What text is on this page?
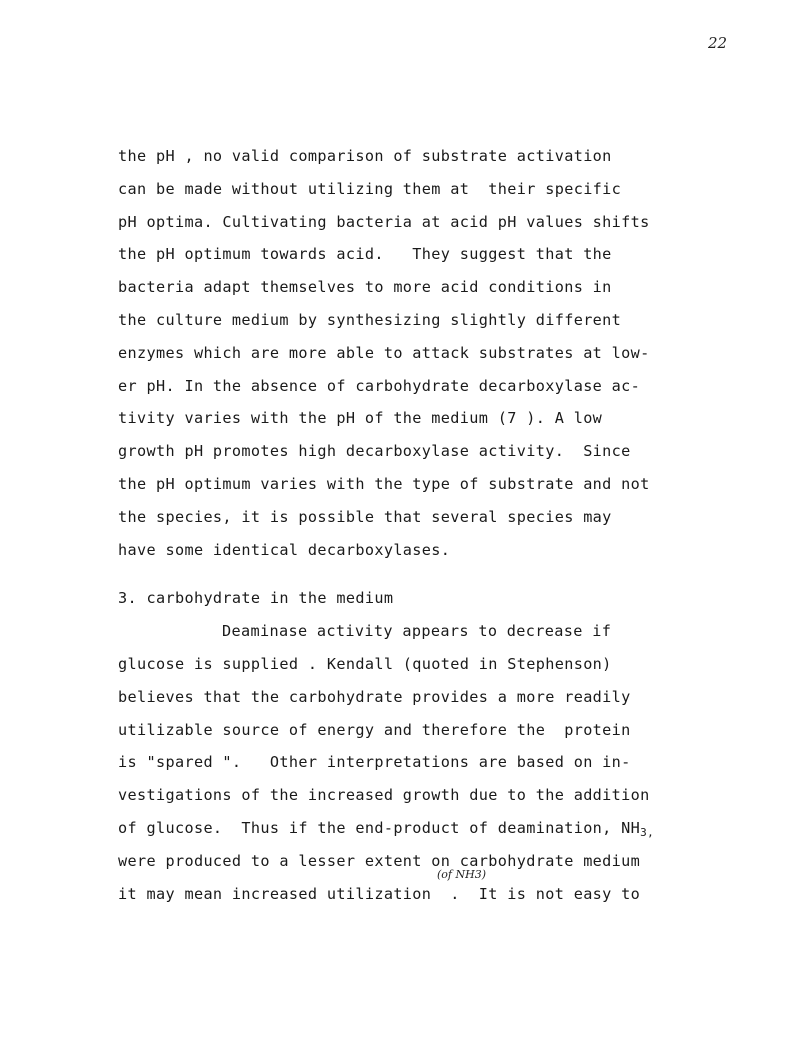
22
the pH , no valid comparison of substrate activation
can be made without utilizing them at  their specific
pH optima. Cultivating bacteria at acid pH values shifts
the pH optimum towards acid.   They suggest that the
bacteria adapt themselves to more acid conditions in
the culture medium by synthesizing slightly different
enzymes which are more able to attack substrates at low-
er pH. In the absence of carbohydrate decarboxylase ac-
tivity varies with the pH of the medium (7 ). A low
growth pH promotes high decarboxylase activity.  Since
the pH optimum varies with the type of substrate and not
the species, it is possible that several species may
have some identical decarboxylases.
3. carbohydrate in the medium
Deaminase activity appears to decrease if
glucose is supplied . Kendall (quoted in Stephenson)
believes that the carbohydrate provides a more readily
utilizable source of energy and therefore the  protein
is "spared ".   Other interpretations are based on in-
vestigations of the increased growth due to the addition
of glucose.  Thus if the end-product of deamination, $NH_{3,}$
were produced to a lesser extent on carbohydrate medium
it may mean increased utilization  .  It is not easy to
(of NH3)
